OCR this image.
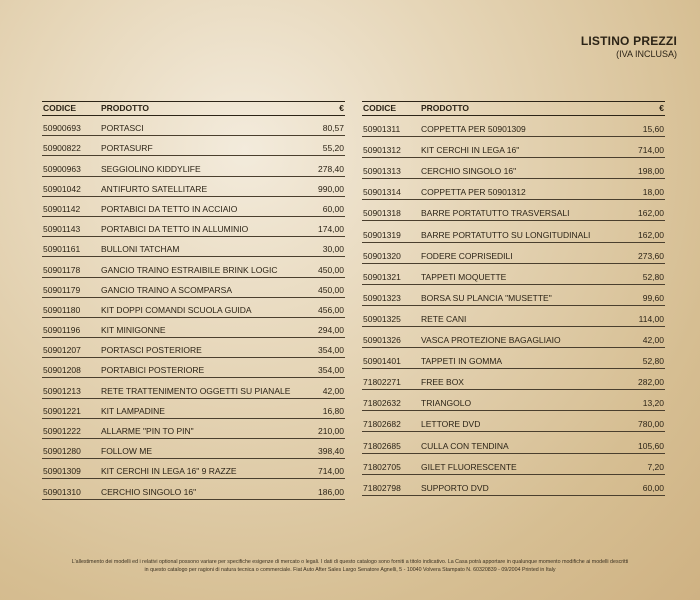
LISTINO PREZZI
(IVA INCLUSA)
CODICE	PRODOTTO	€
50900693 PORTASCI	80,57
50900822 PORTASURF	55,20
50900963 SEGGIOLINO KIDDYLIFE	278,40
50901042 ANTIFURTO SATELLITARE	990,00
50901142 PORTABICI DA TETTO IN ACCIAIO	60,00
50901143 PORTABICI DA TETTO IN ALLUMINIO	174,00
50901161 BULLONI TATCHAM	30,00
50901178 GANCIO TRAINO ESTRAIBILE BRINK LOGIC	450,00
50901179 GANCIO TRAINO A SCOMPARSA	450,00
50901180 KIT DOPPI COMANDI SCUOLA GUIDA	456,00
50901196 KIT MINIGONNE	294,00
50901207 PORTASCI POSTERIORE	354,00
50901208 PORTABICI POSTERIORE	354,00
50901213 RETE TRATTENIMENTO OGGETTI SU PIANALE	42,00
50901221 KIT LAMPADINE	16,80
50901222 ALLARME "PIN TO PIN"	210,00
50901280 FOLLOW ME	398,40
50901309 KIT CERCHI IN LEGA 16" 9 RAZZE	714,00
50901310 CERCHIO SINGOLO 16"	186,00
CODICE	PRODOTTO	€
50901311 COPPETTA PER 50901309	15,60
50901312 KIT CERCHI IN LEGA 16"	714,00
50901313 CERCHIO SINGOLO 16"	198,00
50901314 COPPETTA PER 50901312	18,00
50901318 BARRE PORTATUTTO TRASVERSALI	162,00
50901319 BARRE PORTATUTTO SU LONGITUDINALI	162,00
50901320 FODERE COPRISEDILI	273,60
50901321 TAPPETI MOQUETTE	52,80
50901323 BORSA SU PLANCIA "MUSETTE"	99,60
50901325 RETE CANI	114,00
50901326 VASCA PROTEZIONE BAGAGLIAIO	42,00
50901401 TAPPETI IN GOMMA	52,80
71802271 FREE BOX	282,00
71802632 TRIANGOLO	13,20
71802682 LETTORE DVD	780,00
71802685 CULLA CON TENDINA	105,60
71802705 GILET FLUORESCENTE	7,20
71802798 SUPPORTO DVD	60,00
L'allestimento dei modelli ed i relativi optional possono variare per specifiche esigenze di mercato o legali. I dati di questo catalogo sono forniti a titolo indicativo. La Casa potrà apportare in qualunque momento modifiche ai modelli descritti
in questo catalogo per ragioni di natura tecnica o commerciale. Fiat Auto After Sales Largo Senatore Agnelli, 5 - 10040 Volvera Stampato N. 60320839 - 09/2004 Printed in Italy
